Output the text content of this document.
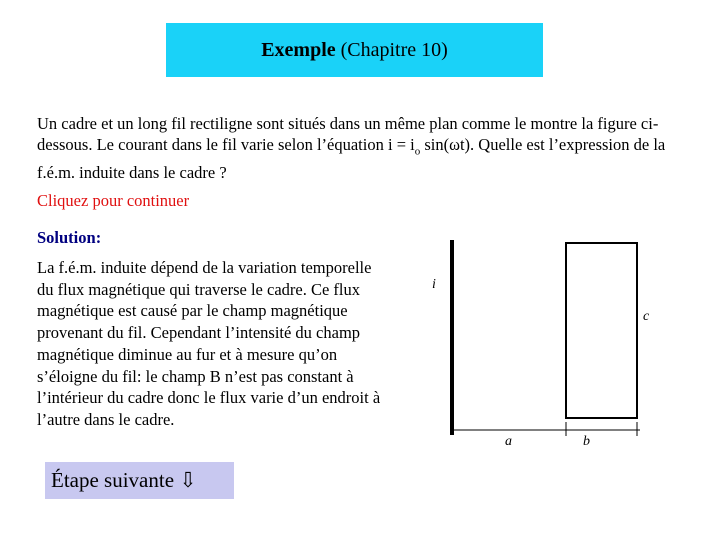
Exemple (Chapitre 10)
Un cadre et un long fil rectiligne sont situés dans un même plan comme le montre la figure ci-dessous. Le courant dans le fil varie selon l’équation $i = i_o$ sin(ωt). Quelle est l’expression de la f.é.m. induite dans le cadre ?
Cliquez pour continuer
Solution:
La f.é.m. induite dépend de la variation temporelle du flux magnétique qui traverse le cadre. Ce flux magnétique est causé par le champ magnétique provenant du fil. Cependant l’intensité du champ magnétique diminue au fur et à mesure qu’on s’éloigne du fil: le champ B n’est pas constant à l’intérieur du cadre donc le flux varie d’un endroit à l’autre dans le cadre.
i
c
a	b
Étape suivante
⇩
